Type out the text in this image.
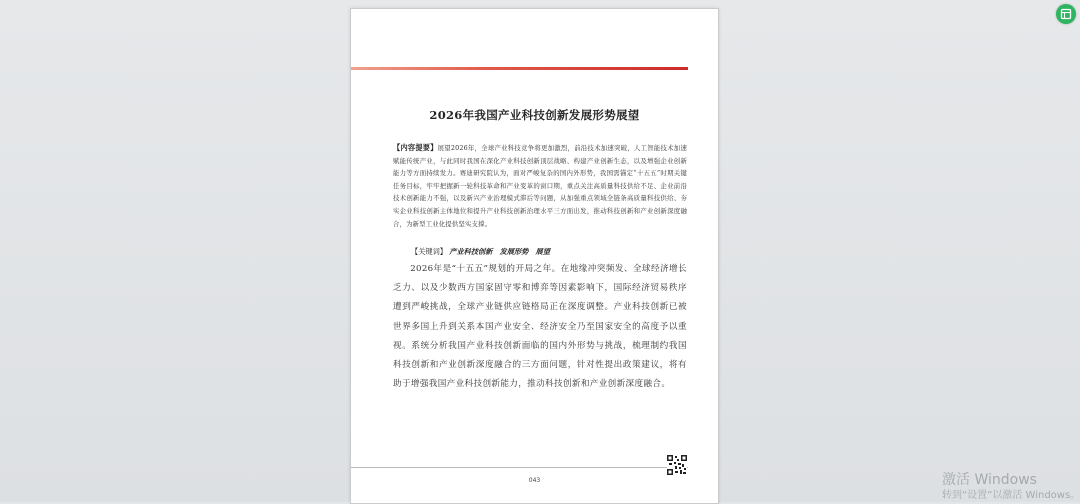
2026年我国产业科技创新发展形势展望
【内容提要】展望2026年，全球产业科技竞争将更加激烈，前沿技术加速突破，人工智能技术加速赋能传统产业，与此同时我国在深化产业科技创新顶层战略、构建产业创新生态，以及增强企业创新能力等方面持续发力。赛迪研究院认为，面对严峻复杂的国内外形势，我国需锚定“十五五”时期关键任务目标，牢牢把握新一轮科技革命和产业变革的窗口期，重点关注高质量科技供给不足、企业前沿技术创新能力不强，以及新兴产业治理模式滞后等问题，从加强重点领域全链条高质量科技供给、夯实企业科技创新主体地位和提升产业科技创新治理水平三方面出发，推动科技创新和产业创新深度融合，为新型工业化提供坚实支撑。
【关键词】 产业科技创新　发展形势　展望
2026年是“十五五”规划的开局之年。在地缘冲突频发、全球经济增长乏力、以及少数西方国家固守零和博弈等因素影响下，国际经济贸易秩序遭到严峻挑战，全球产业链供应链格局正在深度调整。产业科技创新已被世界多国上升到关系本国产业安全、经济安全乃至国家安全的高度予以重视。系统分析我国产业科技创新面临的国内外形势与挑战，梳理制约我国科技创新和产业创新深度融合的三方面问题，针对性提出政策建议，将有助于增强我国产业科技创新能力，推动科技创新和产业创新深度融合。
043	激活 Windows
转到“设置”以激活 Windows。
